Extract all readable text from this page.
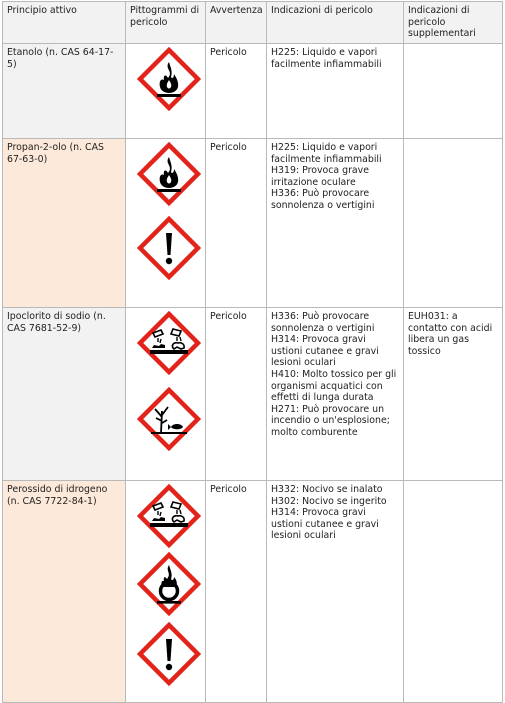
Principio attivo	Pittogrammi di pericolo	Avvertenza	Indicazioni di pericolo	Indicazioni di pericolo supplementari
Etanolo (n. CAS 64-17-5)		Pericolo	H225: Liquido e vapori facilmente infiammabili	

Propan-2-olo (n. CAS 67-63-0)		Pericolo	H225: Liquido e vapori facilmente infiammabili
H319: Provoca grave irritazione oculare
H336: Può provocare sonnolenza o vertigini	

Ipoclorito di sodio (n. CAS 7681-52-9)		Pericolo	H336: Può provocare sonnolenza o vertigini
H314: Provoca gravi ustioni cutanee e gravi lesioni oculari
H410: Molto tossico per gli organismi acquatici con effetti di lunga durata
H271: Può provocare un incendio o un'esplosione; molto comburente	EUH031: a contatto con acidi libera un gas tossico
Perossido di idrogeno (n. CAS 7722-84-1)		Pericolo	H332: Nocivo se inalato
H302: Nocivo se ingerito
H314: Provoca gravi ustioni cutanee e gravi lesioni oculari	
